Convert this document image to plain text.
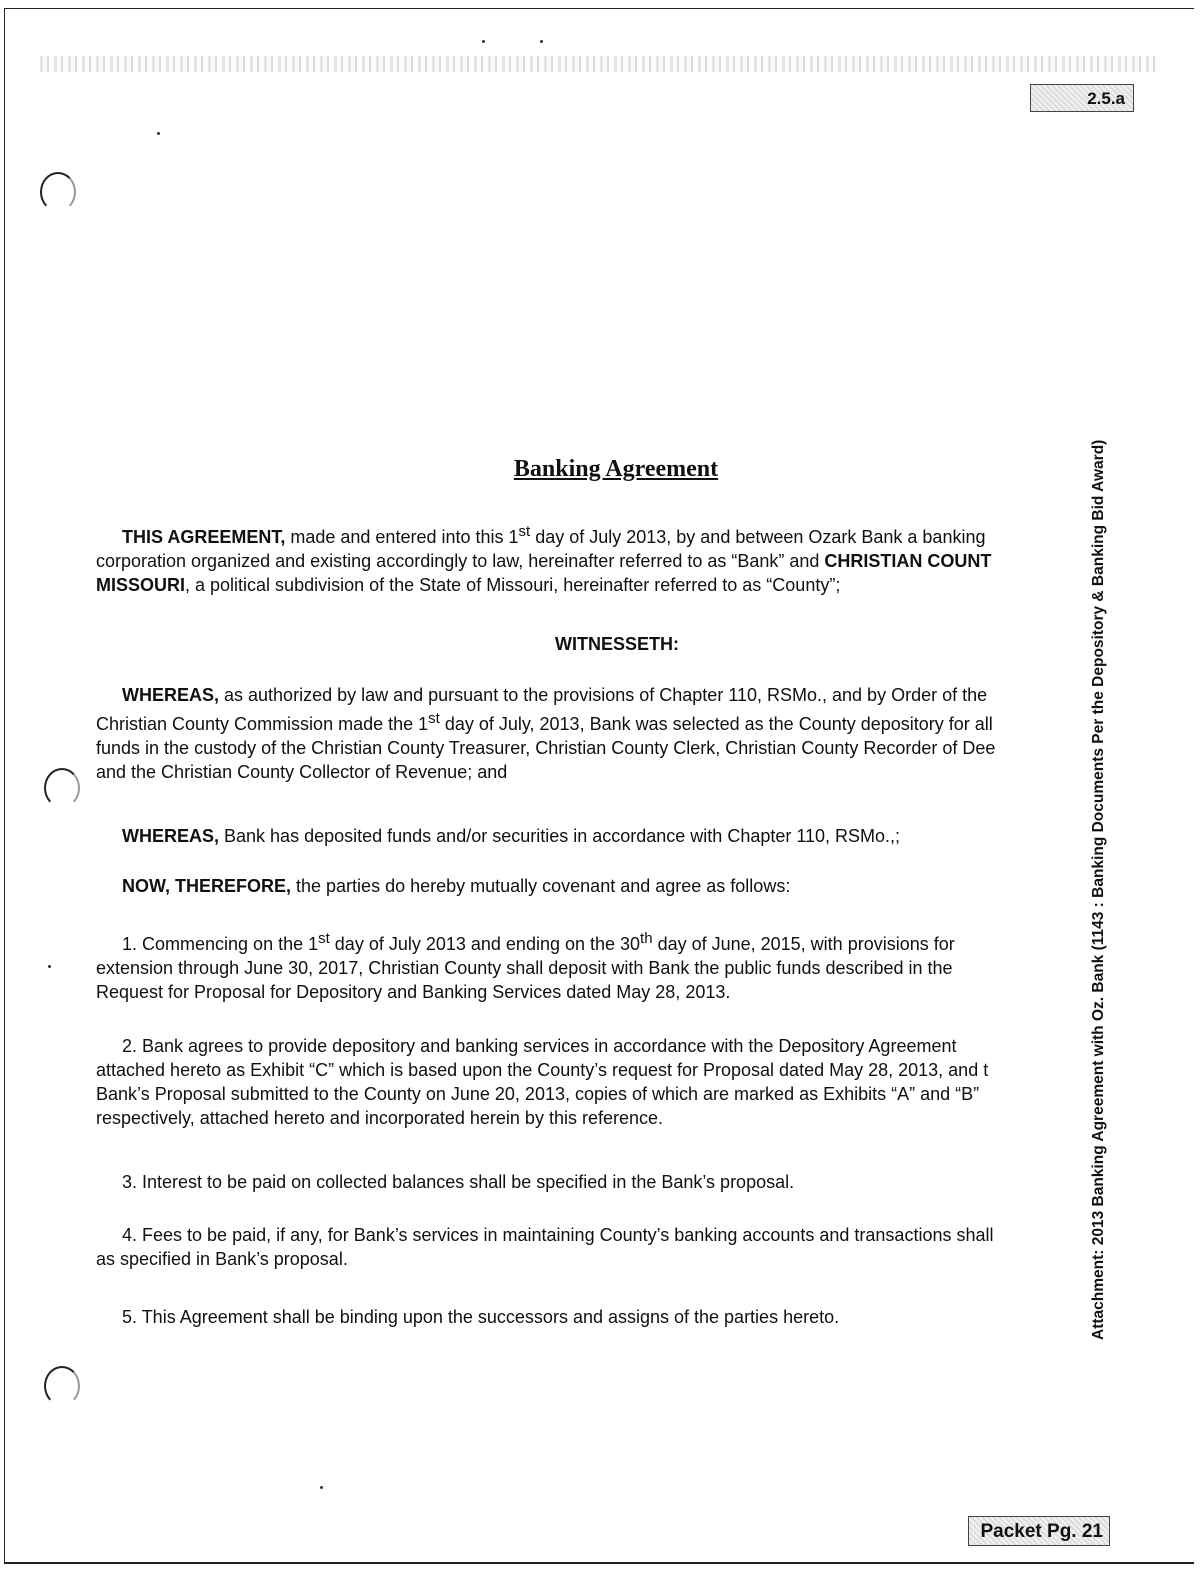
2.5.a
Attachment: 2013 Banking Agreement with Oz. Bank (1143 : Banking Documents Per the Depository & Banking Bid Award)
Banking Agreement
THIS AGREEMENT, made and entered into this 1st day of July 2013, by and between Ozark Bank a banking
corporation organized and existing accordingly to law, hereinafter referred to as “Bank” and CHRISTIAN COUNT
MISSOURI, a political subdivision of the State of Missouri, hereinafter referred to as “County”;
WITNESSETH:
WHEREAS, as authorized by law and pursuant to the provisions of Chapter 110, RSMo., and by Order of the
Christian County Commission made the 1st day of July, 2013, Bank was selected as the County depository for all
funds in the custody of the Christian County Treasurer, Christian County Clerk, Christian County Recorder of Dee
and the Christian County Collector of Revenue; and
WHEREAS, Bank has deposited funds and/or securities in accordance with Chapter 110, RSMo.,;
NOW, THEREFORE, the parties do hereby mutually covenant and agree as follows:
1. Commencing on the 1st day of July 2013 and ending on the 30th day of June, 2015, with provisions for
extension through June 30, 2017, Christian County shall deposit with Bank the public funds described in the
Request for Proposal for Depository and Banking Services dated May 28, 2013.
2. Bank agrees to provide depository and banking services in accordance with the Depository Agreement
attached hereto as Exhibit “C” which is based upon the County’s request for Proposal dated May 28, 2013, and t
Bank’s Proposal submitted to the County on June 20, 2013, copies of which are marked as Exhibits “A” and “B”
respectively, attached hereto and incorporated herein by this reference.
3. Interest to be paid on collected balances shall be specified in the Bank’s proposal.
4. Fees to be paid, if any, for Bank’s services in maintaining County’s banking accounts and transactions shall
as specified in Bank’s proposal.
5. This Agreement shall be binding upon the successors and assigns of the parties hereto.
Packet Pg. 21
